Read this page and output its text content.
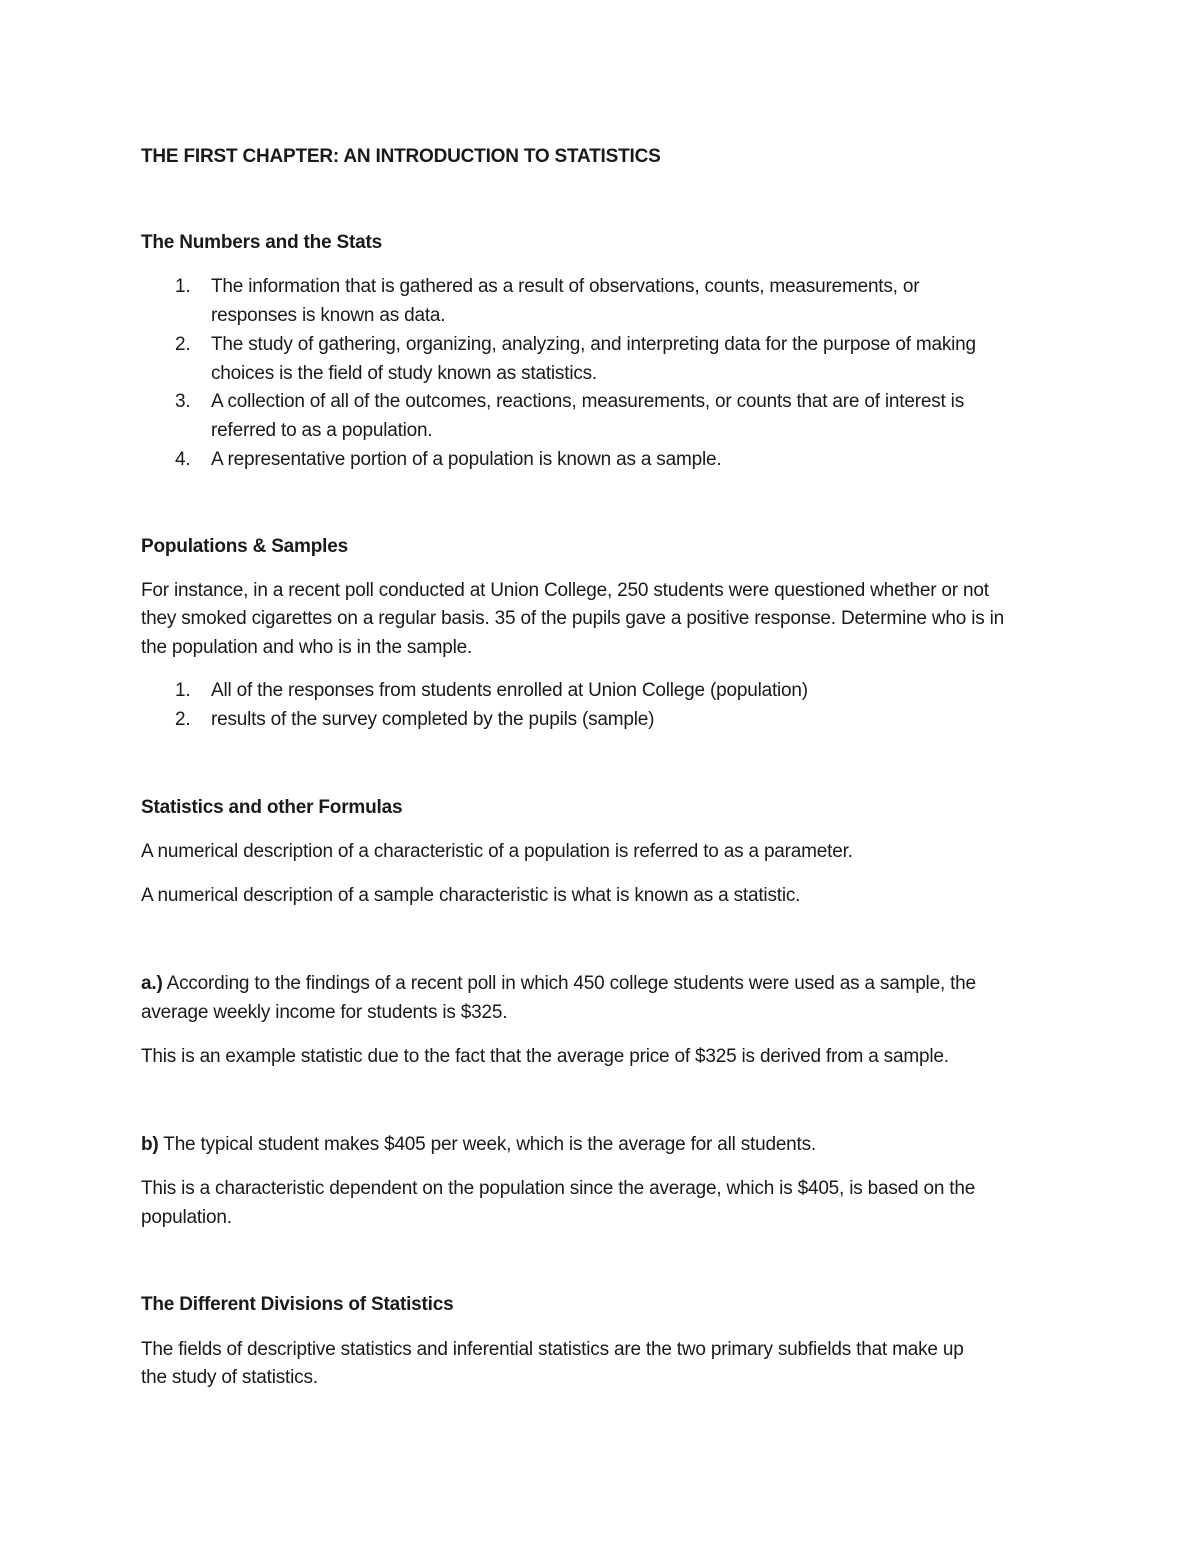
THE FIRST CHAPTER: AN INTRODUCTION TO STATISTICS
The Numbers and the Stats
1. The information that is gathered as a result of observations, counts, measurements, or
responses is known as data.
2. The study of gathering, organizing, analyzing, and interpreting data for the purpose of making
choices is the field of study known as statistics.
3. A collection of all of the outcomes, reactions, measurements, or counts that are of interest is
referred to as a population.
4. A representative portion of a population is known as a sample.
Populations & Samples
For instance, in a recent poll conducted at Union College, 250 students were questioned whether or not
they smoked cigarettes on a regular basis. 35 of the pupils gave a positive response. Determine who is in
the population and who is in the sample.
1. All of the responses from students enrolled at Union College (population)
2. results of the survey completed by the pupils (sample)
Statistics and other Formulas
A numerical description of a characteristic of a population is referred to as a parameter.
A numerical description of a sample characteristic is what is known as a statistic.
a.) According to the findings of a recent poll in which 450 college students were used as a sample, the
average weekly income for students is $325.
This is an example statistic due to the fact that the average price of $325 is derived from a sample.
b) The typical student makes $405 per week, which is the average for all students.
This is a characteristic dependent on the population since the average, which is $405, is based on the
population.
The Different Divisions of Statistics
The fields of descriptive statistics and inferential statistics are the two primary subfields that make up
the study of statistics.
